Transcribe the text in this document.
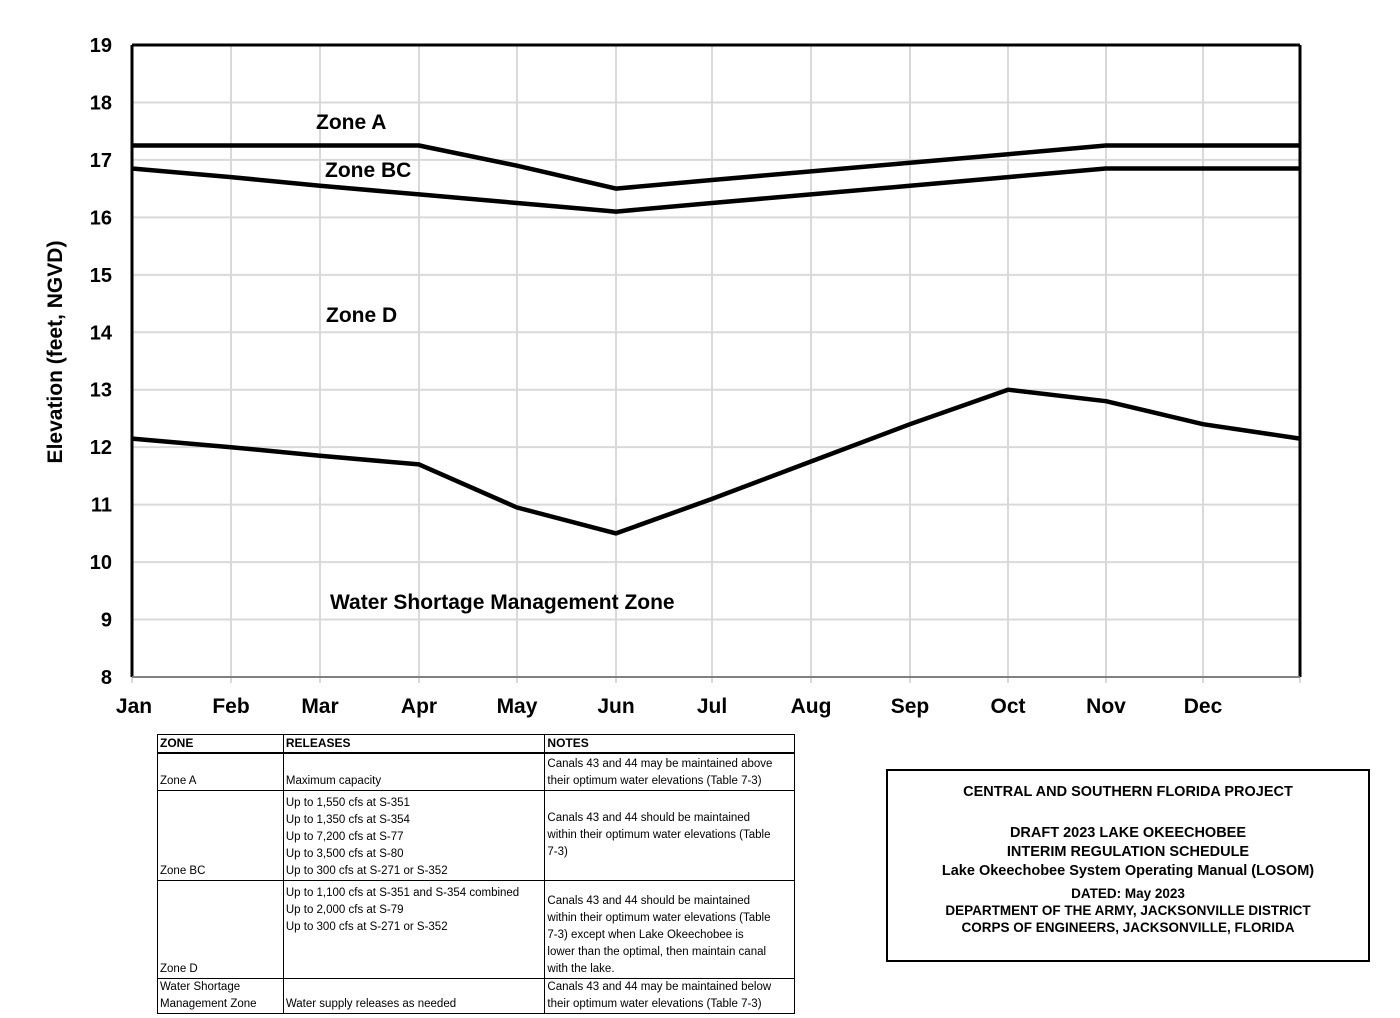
8
9
10
11
12
13
14
15
16
17
18
19
Jan	Feb Mar	Apr	May	Jun	Jul	Aug	Sep	Oct	Nov	Dec
Elevation (feet, NGVD)
Zone A
Zone BC
Zone D
Water Shortage Management Zone
ZONE	RELEASES	NOTES

Zone A	Maximum capacity	Canals 43 and 44 may be maintained above
their optimum water elevations (Table 7-3)

Zone BC	Up to 1,550 cfs at S-351
Up to 1,350 cfs at S-354
Up to 7,200 cfs at S-77
Up to 3,500 cfs at S-80
Up to 300 cfs at S-271 or S-352	Canals 43 and 44 should be maintained
within their optimum water elevations (Table
7-3)

Zone D	Up to 1,100 cfs at S-351 and S-354 combined
Up to 2,000 cfs at S-79
Up to 300 cfs at S-271 or S-352	Canals 43 and 44 should be maintained
within their optimum water elevations (Table
7-3) except when Lake Okeechobee is
lower than the optimal, then maintain canal
with the lake.

Water Shortage
Management Zone	Water supply releases as needed	Canals 43 and 44 may be maintained below
their optimum water elevations (Table 7-3)
CENTRAL AND SOUTHERN FLORIDA PROJECT
DRAFT 2023 LAKE OKEECHOBEE
INTERIM REGULATION SCHEDULE
Lake Okeechobee System Operating Manual (LOSOM)
DATED: May 2023
DEPARTMENT OF THE ARMY, JACKSONVILLE DISTRICT
CORPS OF ENGINEERS, JACKSONVILLE, FLORIDA
